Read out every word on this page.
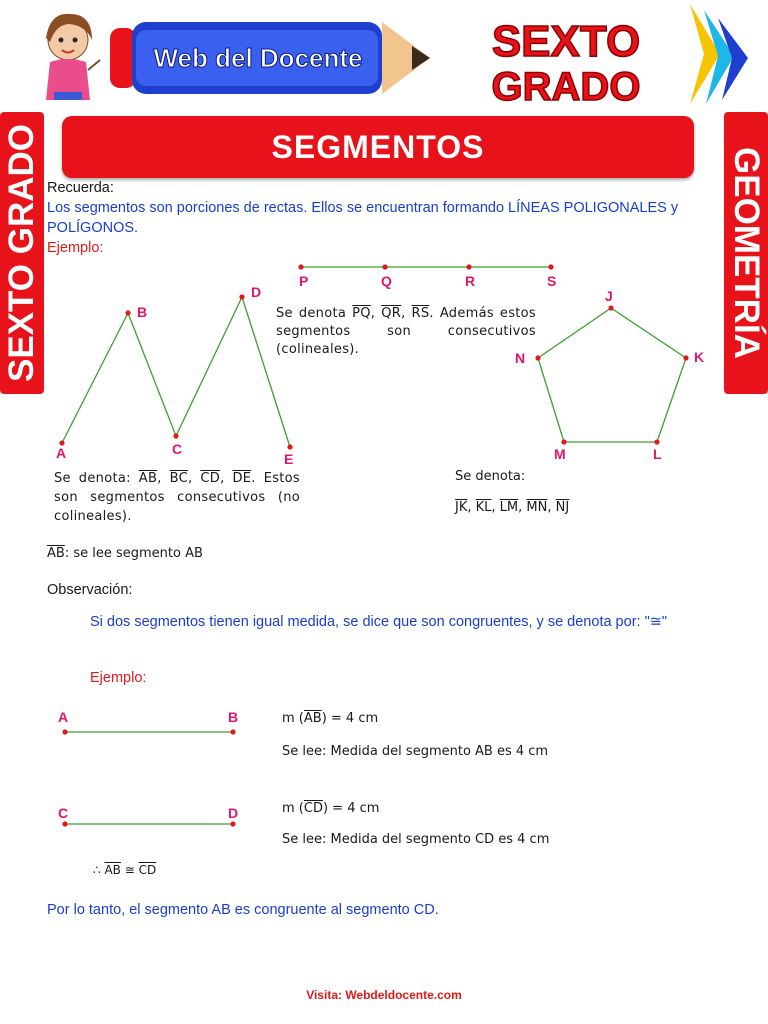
Web del Docente	SEXTO
GRADO
SEXTO GRADO	GEOMETRÍA
SEGMENTOS
Recuerda:
Los segmentos son porciones de rectas. Ellos se encuentran formando LÍNEAS POLIGONALES y POLÍGONOS.
Ejemplo:
A
B
C
D
E
P	Q	R	S
J
K
L
M
N
Se denota $\overline{PQ}$, $\overline{QR}$, $\overline{RS}$. Además estos segmentos son consecutivos (colineales).
Se denota: $\overline{AB}$, $\overline{BC}$, $\overline{CD}$, $\overline{DE}$. Estos son segmentos consecutivos (no colineales).
Se denota:
$\overline{JK}$, $\overline{KL}$, $\overline{LM}$, $\overline{MN}$, $\overline{NJ}$
$\overline{AB}$: se lee segmento AB
Observación:
Si dos segmentos tienen igual medida, se dice que son congruentes, y se denota por: "≅"
Ejemplo:
A	B
C	D
m $(\overline{AB}) = 4$ cm
Se lee: Medida del segmento AB es 4 cm
m $(\overline{CD}) = 4$ cm
Se lee: Medida del segmento CD es 4 cm
∴ $\overline{AB}$ ≅ $\overline{CD}$
Por lo tanto, el segmento AB es congruente al segmento CD.
Visita: Webdeldocente.com
